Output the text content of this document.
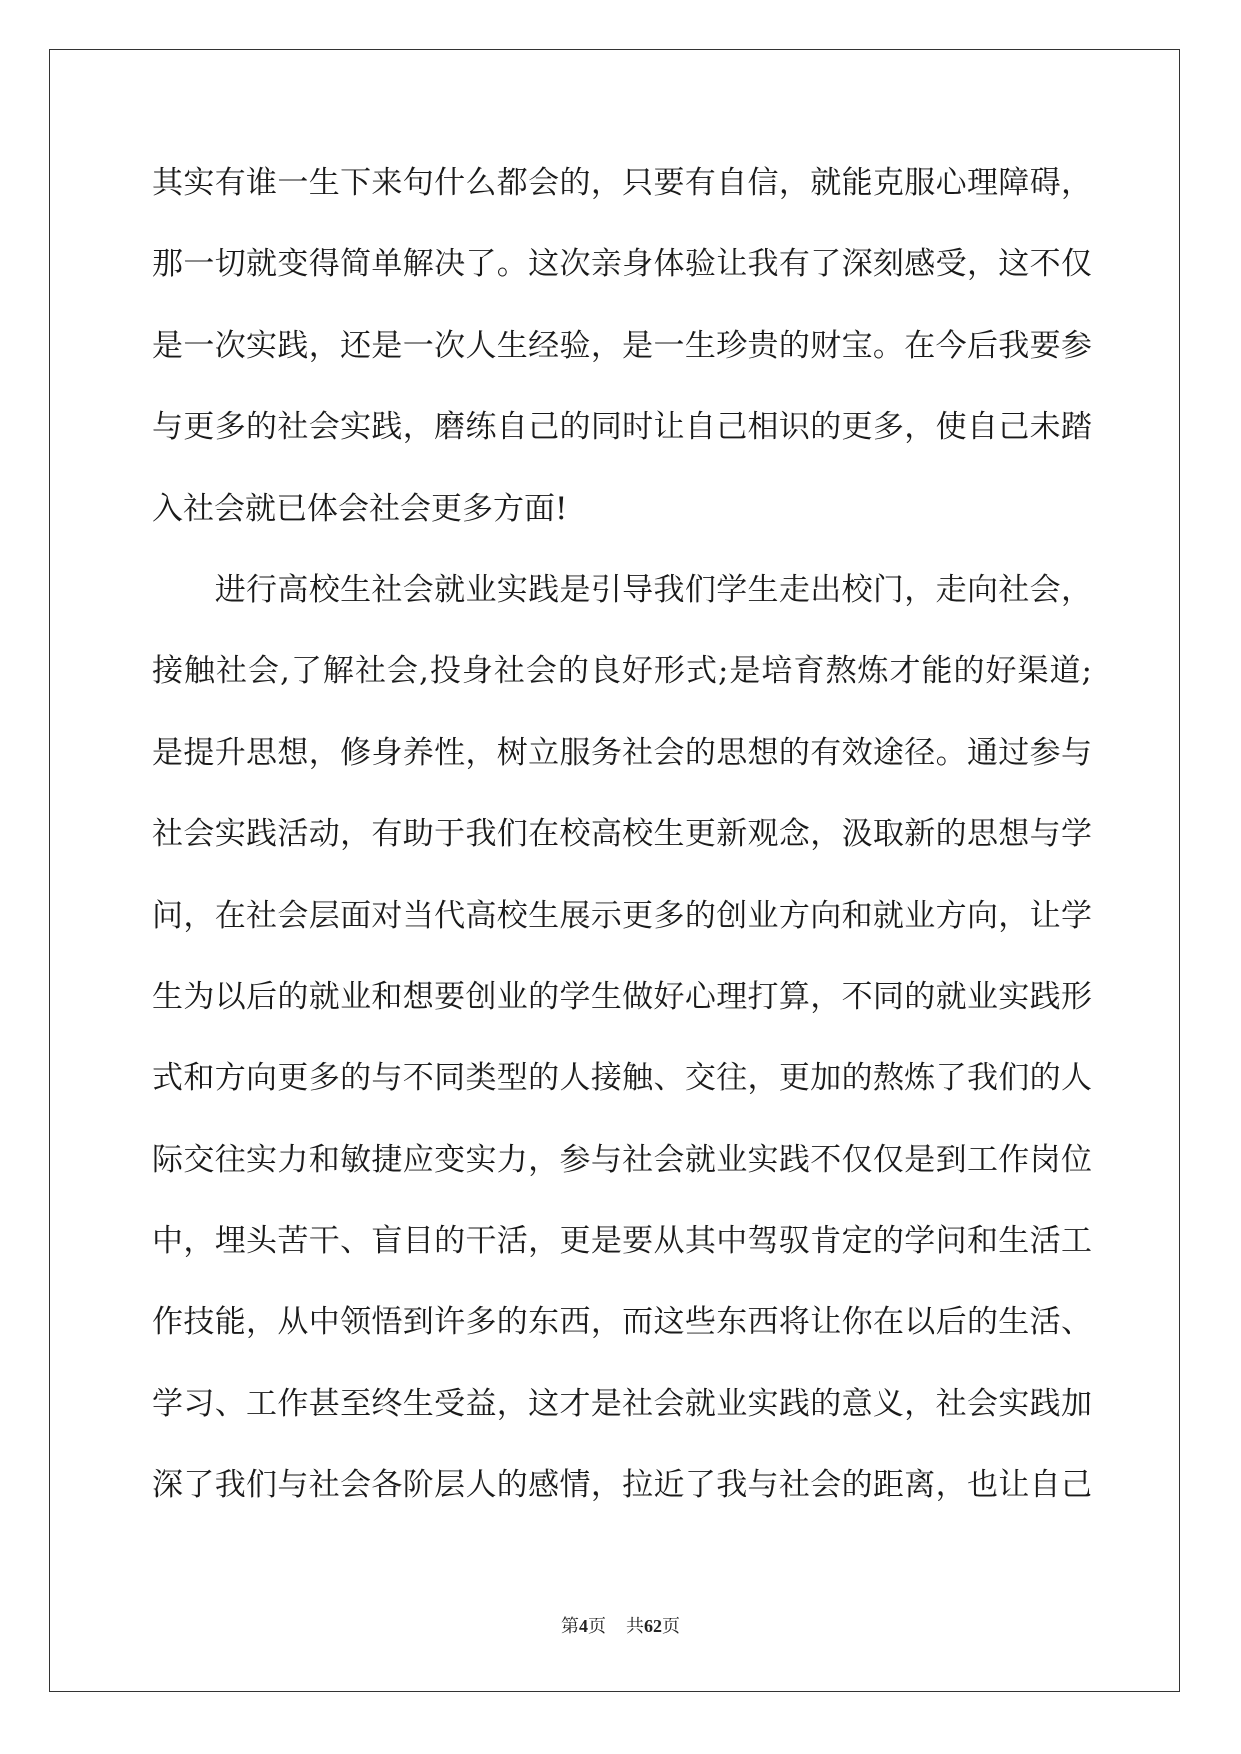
其实有谁一生下来句什么都会的，只要有自信，就能克服心理障碍，
那一切就变得简单解决了。这次亲身体验让我有了深刻感受，这不仅
是一次实践，还是一次人生经验，是一生珍贵的财宝。在今后我要参
与更多的社会实践，磨练自己的同时让自己相识的更多，使自己未踏
入社会就已体会社会更多方面!
　　进行高校生社会就业实践是引导我们学生走出校门，走向社会，
接触社会,了解社会,投身社会的良好形式;是培育熬炼才能的好渠道;
是提升思想，修身养性，树立服务社会的思想的有效途径。通过参与
社会实践活动，有助于我们在校高校生更新观念，汲取新的思想与学
问，在社会层面对当代高校生展示更多的创业方向和就业方向，让学
生为以后的就业和想要创业的学生做好心理打算，不同的就业实践形
式和方向更多的与不同类型的人接触、交往，更加的熬炼了我们的人
际交往实力和敏捷应变实力，参与社会就业实践不仅仅是到工作岗位
中，埋头苦干、盲目的干活，更是要从其中驾驭肯定的学问和生活工
作技能，从中领悟到许多的东西，而这些东西将让你在以后的生活、
学习、工作甚至终生受益，这才是社会就业实践的意义，社会实践加
深了我们与社会各阶层人的感情，拉近了我与社会的距离，也让自己
第4页 共62页
